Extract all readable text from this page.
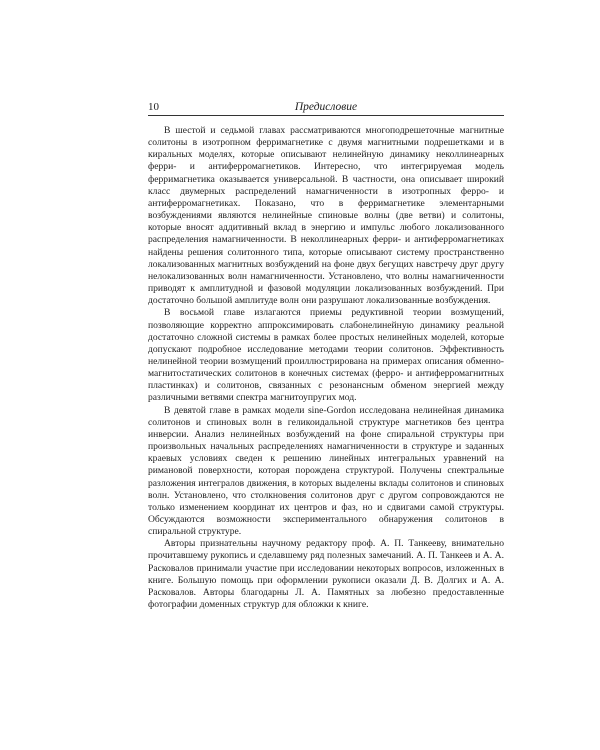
10	Предисловие

В шестой и седьмой главах рассматриваются многоподрешеточные магнитные солитоны в изотропном ферримагнетике с двумя магнитными подрешетками и в киральных моделях, которые описывают нелинейную динамику неколлинеарных ферри- и антиферромагнетиков. Интересно, что интегрируемая модель ферримагнетика оказывается универсальной. В частности, она описывает широкий класс двумерных распределений намагниченности в изотропных ферро- и антиферромагнетиках. Показано, что в ферримагнетике элементарными возбуждениями являются нелинейные спиновые волны (две ветви) и солитоны, которые вносят аддитивный вклад в энергию и импульс любого локализованного распределения намагниченности. В неколлинеарных ферри- и антиферромагнетиках найдены решения солитонного типа, которые описывают систему пространственно локализованных магнитных возбуждений на фоне двух бегущих навстречу друг другу нелокализованных волн намагниченности. Установлено, что волны намагниченности приводят к амплитудной и фазовой модуляции локализованных возбуждений. При достаточно большой амплитуде волн они разрушают локализованные возбуждения.

В восьмой главе излагаются приемы редуктивной теории возмущений, позволяющие корректно аппроксимировать слабонелинейную динамику реальной достаточно сложной системы в рамках более простых нелинейных моделей, которые допускают подробное исследование методами теории солитонов. Эффективность нелинейной теории возмущений проиллюстрирована на примерах описания обменно-магнитостатических солитонов в конечных системах (ферро- и антиферромагнитных пластинках) и солитонов, связанных с резонансным обменом энергией между различными ветвями спектра магнитоупругих мод.

В девятой главе в рамках модели sine-Gordon исследована нелинейная динамика солитонов и спиновых волн в геликоидальной структуре магнетиков без центра инверсии. Анализ нелинейных возбуждений на фоне спиральной структуры при произвольных начальных распределениях намагниченности в структуре и заданных краевых условиях сведен к решению линейных интегральных уравнений на римановой поверхности, которая порождена структурой. Получены спектральные разложения интегралов движения, в которых выделены вклады солитонов и спиновых волн. Установлено, что столкновения солитонов друг с другом сопровождаются не только изменением координат их центров и фаз, но и сдвигами самой структуры. Обсуждаются возможности экспериментального обнаружения солитонов в спиральной структуре.

Авторы признательны научному редактору проф. А. П. Танкееву, внимательно прочитавшему рукопись и сделавшему ряд полезных замечаний. А. П. Танкеев и А. А. Расковалов принимали участие при исследовании некоторых вопросов, изложенных в книге. Большую помощь при оформлении рукописи оказали Д. В. Долгих и А. А. Расковалов. Авторы благодарны Л. А. Памятных за любезно предоставленные фотографии доменных структур для обложки к книге.
